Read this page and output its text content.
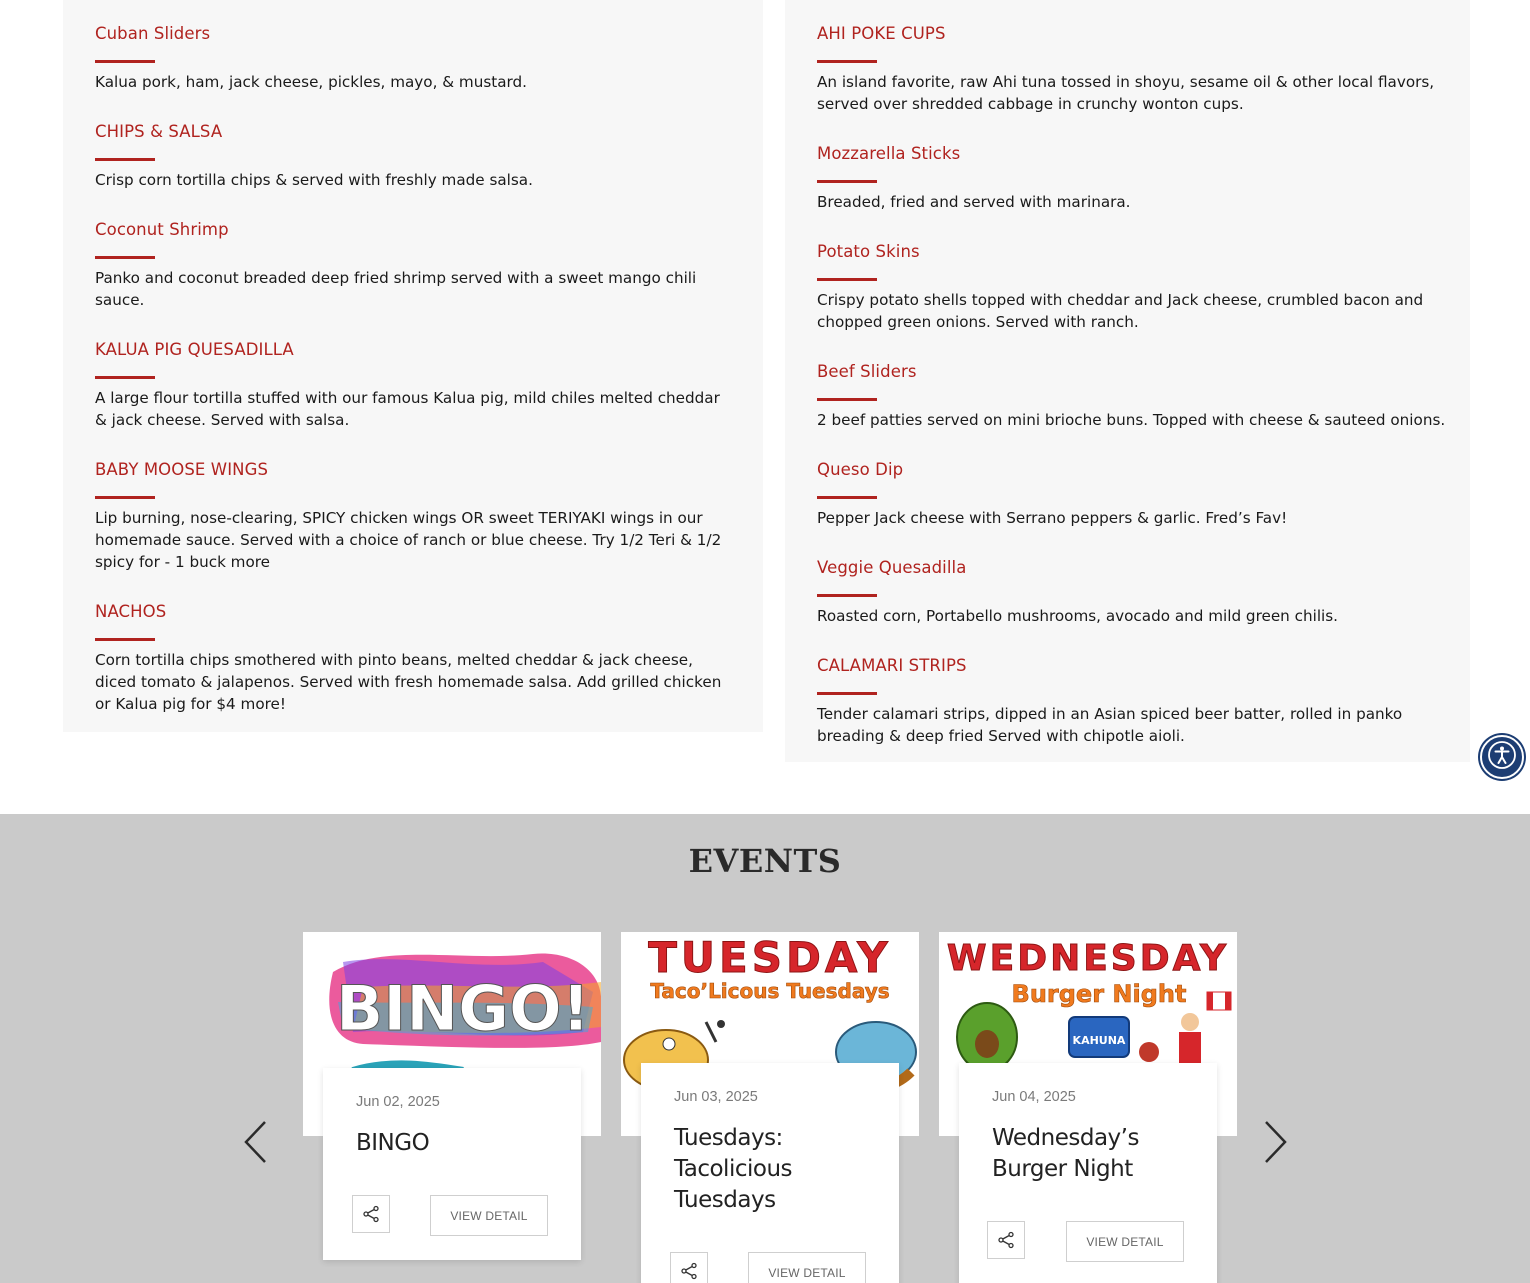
Cuban Sliders
Kalua pork, ham, jack cheese, pickles, mayo, & mustard.
CHIPS & SALSA
Crisp corn tortilla chips & served with freshly made salsa.
Coconut Shrimp
Panko and coconut breaded deep fried shrimp served with a sweet mango chili sauce.
KALUA PIG QUESADILLA
A large flour tortilla stuffed with our famous Kalua pig, mild chiles melted cheddar & jack cheese. Served with salsa.
BABY MOOSE WINGS
Lip burning, nose-clearing, SPICY chicken wings OR sweet TERIYAKI wings in our homemade sauce. Served with a choice of ranch or blue cheese. Try 1/2 Teri & 1/2 spicy for - 1 buck more
NACHOS
Corn tortilla chips smothered with pinto beans, melted cheddar & jack cheese, diced tomato & jalapenos. Served with fresh homemade salsa. Add grilled chicken or Kalua pig for $4 more!
AHI POKE CUPS
An island favorite, raw Ahi tuna tossed in shoyu, sesame oil & other local flavors, served over shredded cabbage in crunchy wonton cups.
Mozzarella Sticks
Breaded, fried and served with marinara.
Potato Skins
Crispy potato shells topped with cheddar and Jack cheese, crumbled bacon and chopped green onions. Served with ranch.
Beef Sliders
2 beef patties served on mini brioche buns. Topped with cheese & sauteed onions.
Queso Dip
Pepper Jack cheese with Serrano peppers & garlic. Fred’s Fav!
Veggie Quesadilla
Roasted corn, Portabello mushrooms, avocado and mild green chilis.
CALAMARI STRIPS
Tender calamari strips, dipped in an Asian spiced beer batter, rolled in panko breading & deep fried Served with chipotle aioli.
EVENTS
BINGO!
Jun 02, 2025
BINGO
VIEW DETAIL
TUESDAY
Taco’Licous Tuesdays
Jun 03, 2025
Tuesdays: Tacolicious Tuesdays
VIEW DETAIL
WEDNESDAY
Burger Night
KAHUNA
Jun 04, 2025
Wednesday’s Burger Night
VIEW DETAIL
